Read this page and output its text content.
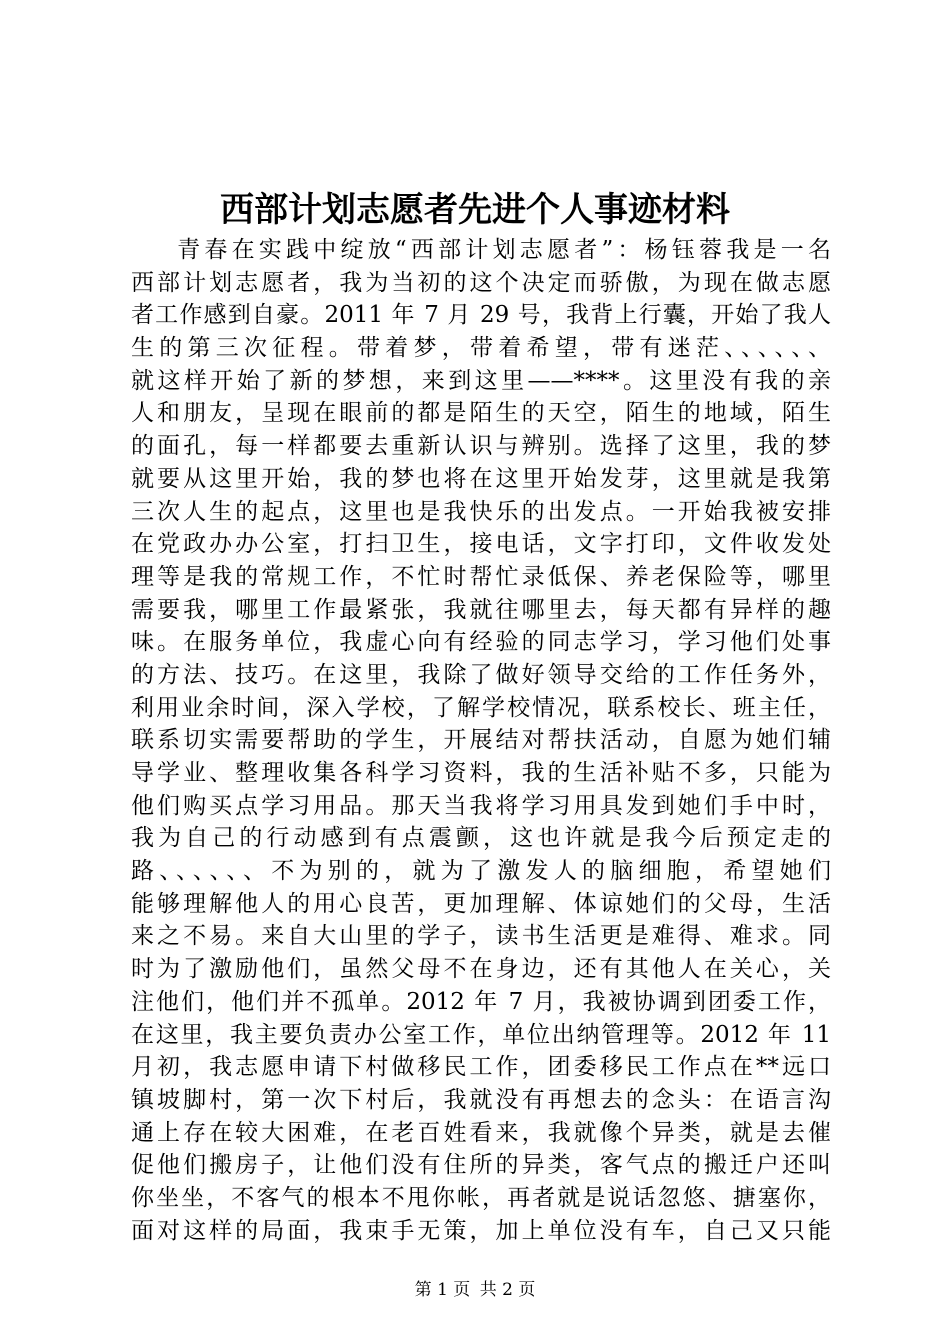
西部计划志愿者先进个人事迹材料
青春在实践中绽放“西部计划志愿者”：杨钰蓉我是一名
西部计划志愿者，我为当初的这个决定而骄傲，为现在做志愿
者工作感到自豪。2011 年 7 月 29 号，我背上行囊，开始了我人
生的第三次征程。带着梦，带着希望，带有迷茫、、、、、、
就这样开始了新的梦想，来到这里——****。这里没有我的亲
人和朋友，呈现在眼前的都是陌生的天空，陌生的地域，陌生
的面孔，每一样都要去重新认识与辨别。选择了这里，我的梦
就要从这里开始，我的梦也将在这里开始发芽，这里就是我第
三次人生的起点，这里也是我快乐的出发点。一开始我被安排
在党政办办公室，打扫卫生，接电话，文字打印，文件收发处
理等是我的常规工作，不忙时帮忙录低保、养老保险等，哪里
需要我，哪里工作最紧张，我就往哪里去，每天都有异样的趣
味。在服务单位，我虚心向有经验的同志学习，学习他们处事
的方法、技巧。在这里，我除了做好领导交给的工作任务外，
利用业余时间，深入学校，了解学校情况，联系校长、班主任，
联系切实需要帮助的学生，开展结对帮扶活动，自愿为她们辅
导学业、整理收集各科学习资料，我的生活补贴不多，只能为
他们购买点学习用品。那天当我将学习用具发到她们手中时，
我为自己的行动感到有点震颤，这也许就是我今后预定走的
路、、、、、、不为别的，就为了激发人的脑细胞，希望她们
能够理解他人的用心良苦，更加理解、体谅她们的父母，生活
来之不易。来自大山里的学子，读书生活更是难得、难求。同
时为了激励他们，虽然父母不在身边，还有其他人在关心，关
注他们，他们并不孤单。2012 年 7 月，我被协调到团委工作，
在这里，我主要负责办公室工作，单位出纳管理等。2012 年 11
月初，我志愿申请下村做移民工作，团委移民工作点在**远口
镇坡脚村，第一次下村后，我就没有再想去的念头：在语言沟
通上存在较大困难，在老百姓看来，我就像个异类，就是去催
促他们搬房子，让他们没有住所的异类，客气点的搬迁户还叫
你坐坐，不客气的根本不甩你帐，再者就是说话忽悠、搪塞你，
面对这样的局面，我束手无策，加上单位没有车，自己又只能
第 1 页 共 2 页
